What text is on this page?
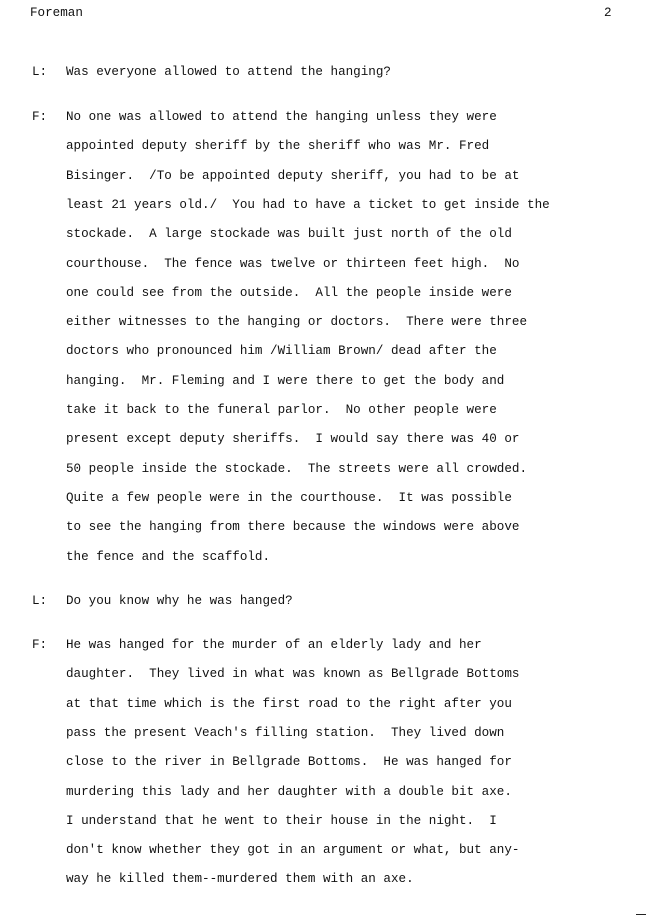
Foreman	2
L: Was everyone allowed to attend the hanging?
F: No one was allowed to attend the hanging unless they were
appointed deputy sheriff by the sheriff who was Mr. Fred
Bisinger.  /To be appointed deputy sheriff, you had to be at
least 21 years old./  You had to have a ticket to get inside the
stockade.  A large stockade was built just north of the old
courthouse.  The fence was twelve or thirteen feet high.  No
one could see from the outside.  All the people inside were
either witnesses to the hanging or doctors.  There were three
doctors who pronounced him /William Brown/ dead after the
hanging.  Mr. Fleming and I were there to get the body and
take it back to the funeral parlor.  No other people were
present except deputy sheriffs.  I would say there was 40 or
50 people inside the stockade.  The streets were all crowded.
Quite a few people were in the courthouse.  It was possible
to see the hanging from there because the windows were above
the fence and the scaffold.
L: Do you know why he was hanged?
F: He was hanged for the murder of an elderly lady and her
daughter.  They lived in what was known as Bellgrade Bottoms
at that time which is the first road to the right after you
pass the present Veach's filling station.  They lived down
close to the river in Bellgrade Bottoms.  He was hanged for
murdering this lady and her daughter with a double bit axe.
I understand that he went to their house in the night.  I
don't know whether they got in an argument or what, but any-
way he killed them--murdered them with an axe.
